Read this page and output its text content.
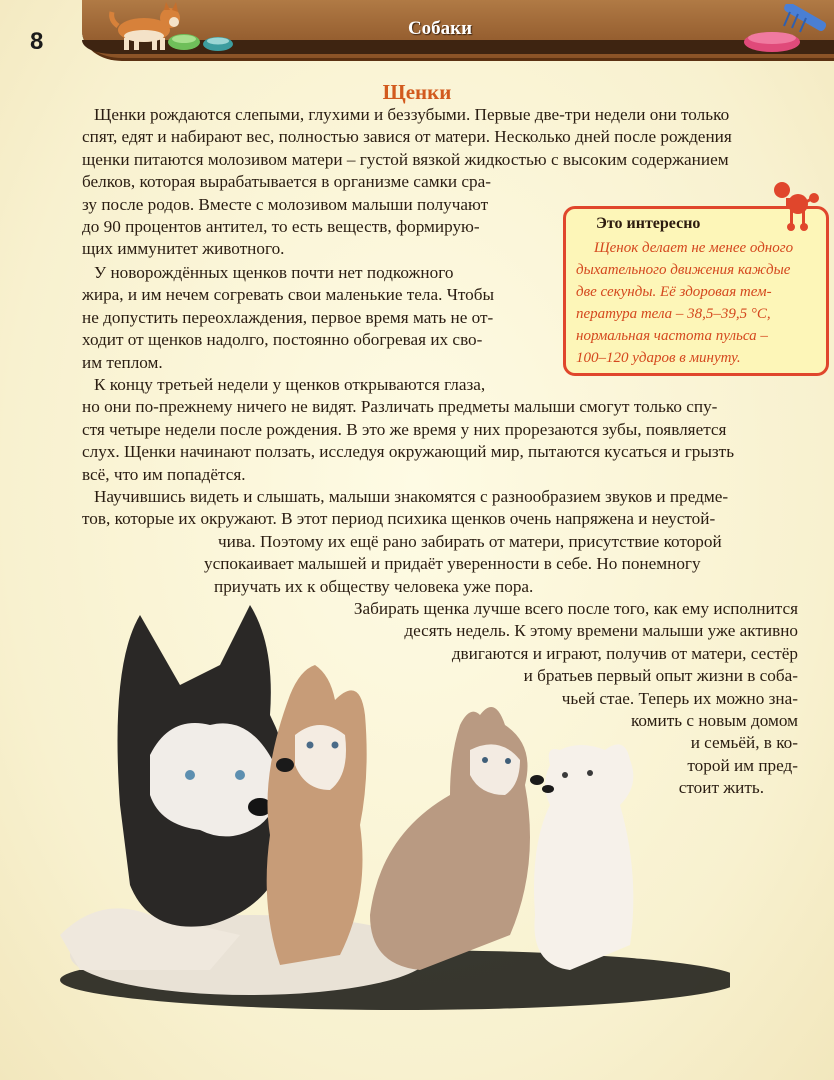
8	Собаки
Щенки
Щенки рождаются слепыми, глухими и беззубыми. Первые две-три недели они только
спят, едят и набирают вес, полностью завися от матери. Несколько дней после рождения
щенки питаются молозивом матери – густой вязкой жидкостью с высоким содержанием
белков, которая вырабатывается в организме самки сра-
зу после родов. Вместе с молозивом малыши получают
до 90 процентов антител, то есть веществ, формирую-
щих иммунитет животного.
У новорождённых щенков почти нет подкожного
жира, и им нечем согревать свои маленькие тела. Чтобы
не допустить переохлаждения, первое время мать не от-
ходит от щенков надолго, постоянно обогревая их сво-
им теплом.
К концу третьей недели у щенков открываются глаза,
но они по-прежнему ничего не видят. Различать предметы малыши смогут только спу-
стя четыре недели после рождения. В это же время у них прорезаются зубы, появляется
слух. Щенки начинают ползать, исследуя окружающий мир, пытаются кусаться и грызть
всё, что им попадётся.
Научившись видеть и слышать, малыши знакомятся с разнообразием звуков и предме-
тов, которые их окружают. В этот период психика щенков очень напряжена и неустой-
чива. Поэтому их ещё рано забирать от матери, присутствие которой
успокаивает малышей и придаёт уверенности в себе. Но понемногу
приучать их к обществу человека уже пора.
Забирать щенка лучше всего после того, как ему исполнится
десять недель. К этому времени малыши уже активно
двигаются и играют, получив от матери, сестёр
и братьев первый опыт жизни в соба-
чьей стае. Теперь их можно зна-
комить с новым домом
и семьёй, в ко-
торой им пред-
стоит жить.
Это интересно
Щенок делает не менее одного
дыхательного движения каждые
две секунды. Её здоровая тем-
пература тела – 38,5–39,5 °С,
нормальная частота пульса –
100–120 ударов в минуту.
